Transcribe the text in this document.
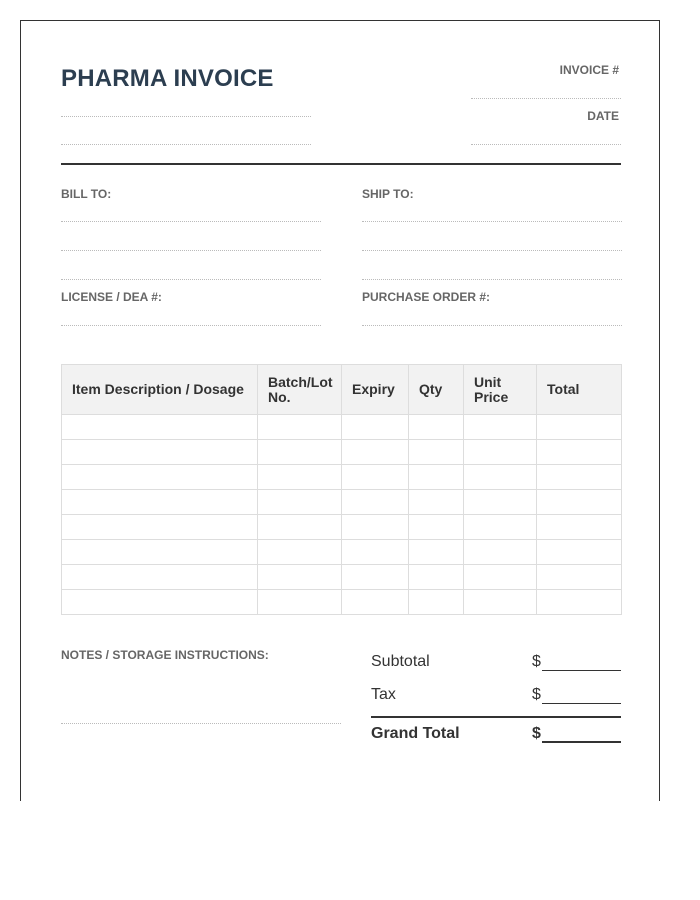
PHARMA INVOICE	INVOICE #
DATE
BILL TO:	SHIP TO:
LICENSE / DEA #:	PURCHASE ORDER #:
Item Description / Dosage	Batch/Lot No.	Expiry	Qty	Unit Price	Total

NOTES / STORAGE INSTRUCTIONS:	Subtotal	$
Tax	$
Grand Total	$
